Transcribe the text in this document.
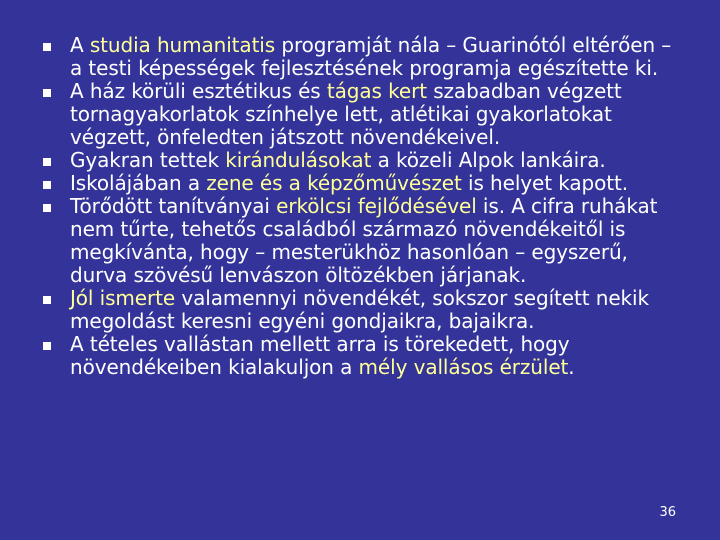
A studia humanitatis programját nála – Guarinótól eltérően – a testi képességek fejlesztésének programja egészítette ki.
A ház körüli esztétikus és tágas kert szabadban végzett tornagyakorlatok színhelye lett, atlétikai gyakorlatokat végzett, önfeledten játszott növendékeivel.
Gyakran tettek kirándulásokat a közeli Alpok lankáira.
Iskolájában a zene és a képzőművészet is helyet kapott.
Törődött tanítványai erkölcsi fejlődésével is. A cifra ruhákat nem tűrte, tehetős családból származó növendékeitől is megkívánta, hogy – mesterükhöz hasonlóan – egyszerű, durva szövésű lenvászon öltözékben járjanak.
Jól ismerte valamennyi növendékét, sokszor segített nekik megoldást keresni egyéni gondjaikra, bajaikra.
A tételes vallástan mellett arra is törekedett, hogy növendékeiben kialakuljon a mély vallásos érzület.
36
